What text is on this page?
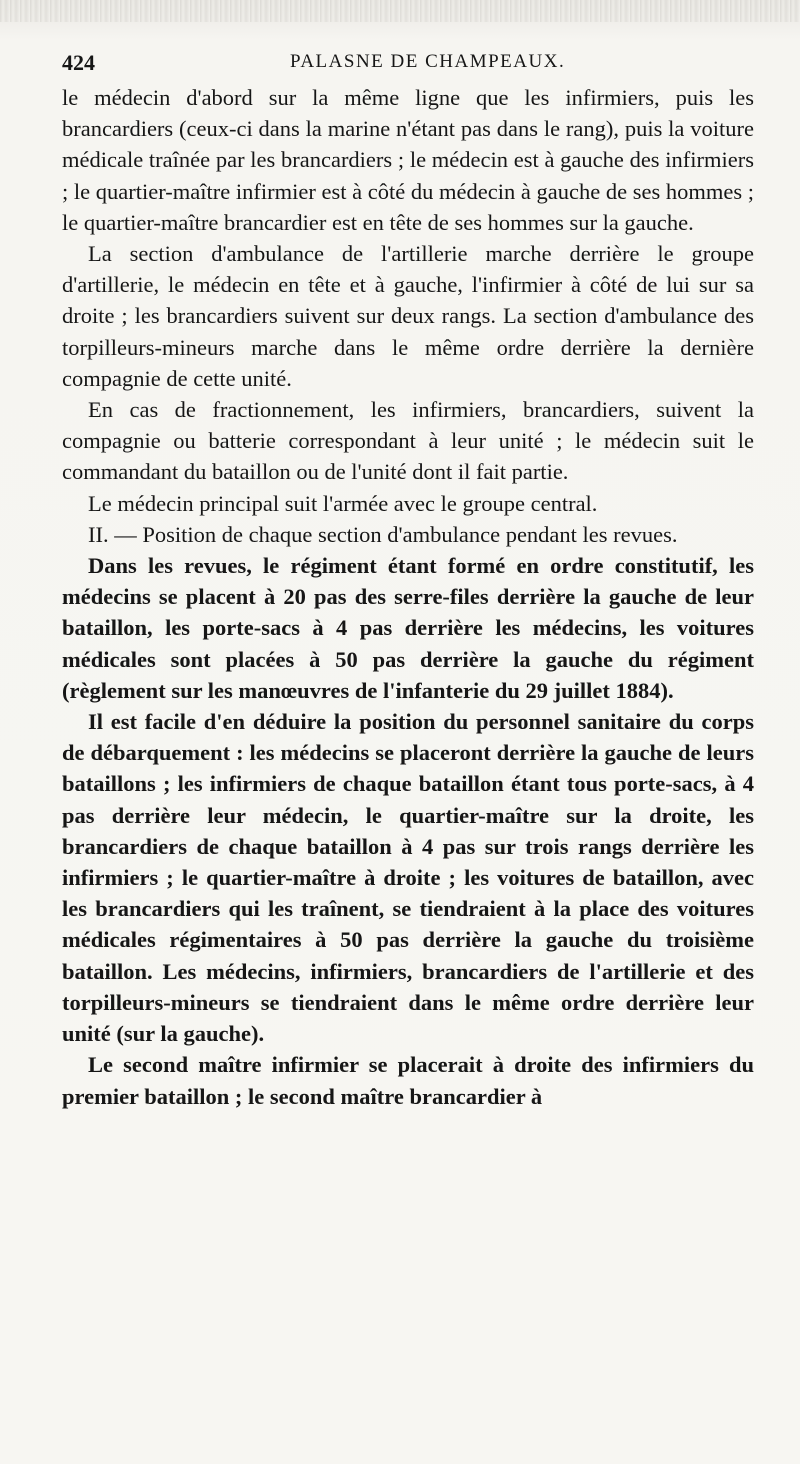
424	PALASNE DE CHAMPEAUX.

le médecin d'abord sur la même ligne que les infirmiers, puis les brancardiers (ceux-ci dans la marine n'étant pas dans le rang), puis la voiture médicale traînée par les brancardiers ; le médecin est à gauche des infirmiers ; le quartier-maître infirmier est à côté du médecin à gauche de ses hommes ; le quartier-maître brancardier est en tête de ses hommes sur la gauche.

La section d'ambulance de l'artillerie marche derrière le groupe d'artillerie, le médecin en tête et à gauche, l'infirmier à côté de lui sur sa droite ; les brancardiers suivent sur deux rangs. La section d'ambulance des torpilleurs-mineurs marche dans le même ordre derrière la dernière compagnie de cette unité.

En cas de fractionnement, les infirmiers, brancardiers, suivent la compagnie ou batterie correspondant à leur unité ; le médecin suit le commandant du bataillon ou de l'unité dont il fait partie.

Le médecin principal suit l'armée avec le groupe central.

II. — Position de chaque section d'ambulance pendant les revues.

Dans les revues, le régiment étant formé en ordre constitutif, les médecins se placent à 20 pas des serre-files derrière la gauche de leur bataillon, les porte-sacs à 4 pas derrière les médecins, les voitures médicales sont placées à 50 pas derrière la gauche du régiment (règlement sur les manœuvres de l'infanterie du 29 juillet 1884).

Il est facile d'en déduire la position du personnel sanitaire du corps de débarquement : les médecins se placeront derrière la gauche de leurs bataillons ; les infirmiers de chaque bataillon étant tous porte-sacs, à 4 pas derrière leur médecin, le quartier-maître sur la droite, les brancardiers de chaque bataillon à 4 pas sur trois rangs derrière les infirmiers ; le quartier-maître à droite ; les voitures de bataillon, avec les brancardiers qui les traînent, se tiendraient à la place des voitures médicales régimentaires à 50 pas derrière la gauche du troisième bataillon. Les médecins, infirmiers, brancardiers de l'artillerie et des torpilleurs-mineurs se tiendraient dans le même ordre derrière leur unité (sur la gauche).

Le second maître infirmier se placerait à droite des infirmiers du premier bataillon ; le second maître brancardier à
